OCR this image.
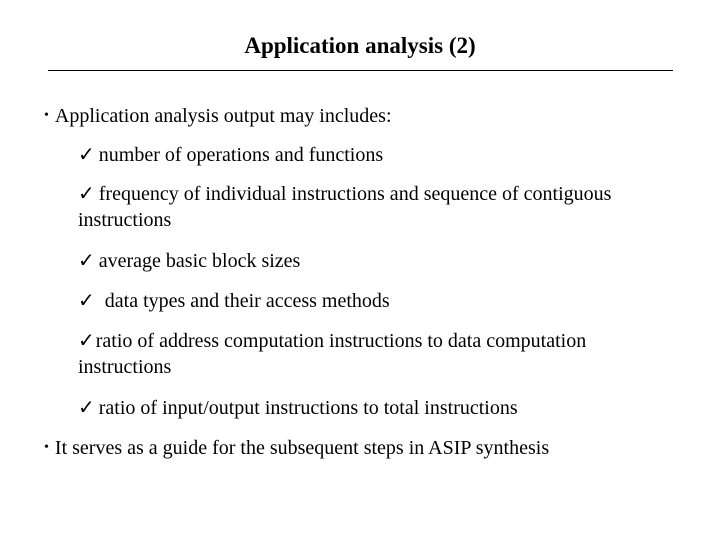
Application analysis (2)
• Application analysis output may includes:
✓ number of operations and functions
✓ frequency of individual instructions and sequence of contiguous
instructions
✓ average basic block sizes
✓ data types and their access methods
✓ratio of address computation instructions to data computation
instructions
✓ ratio of input/output instructions to total instructions
• It serves as a guide for the subsequent steps in ASIP synthesis
